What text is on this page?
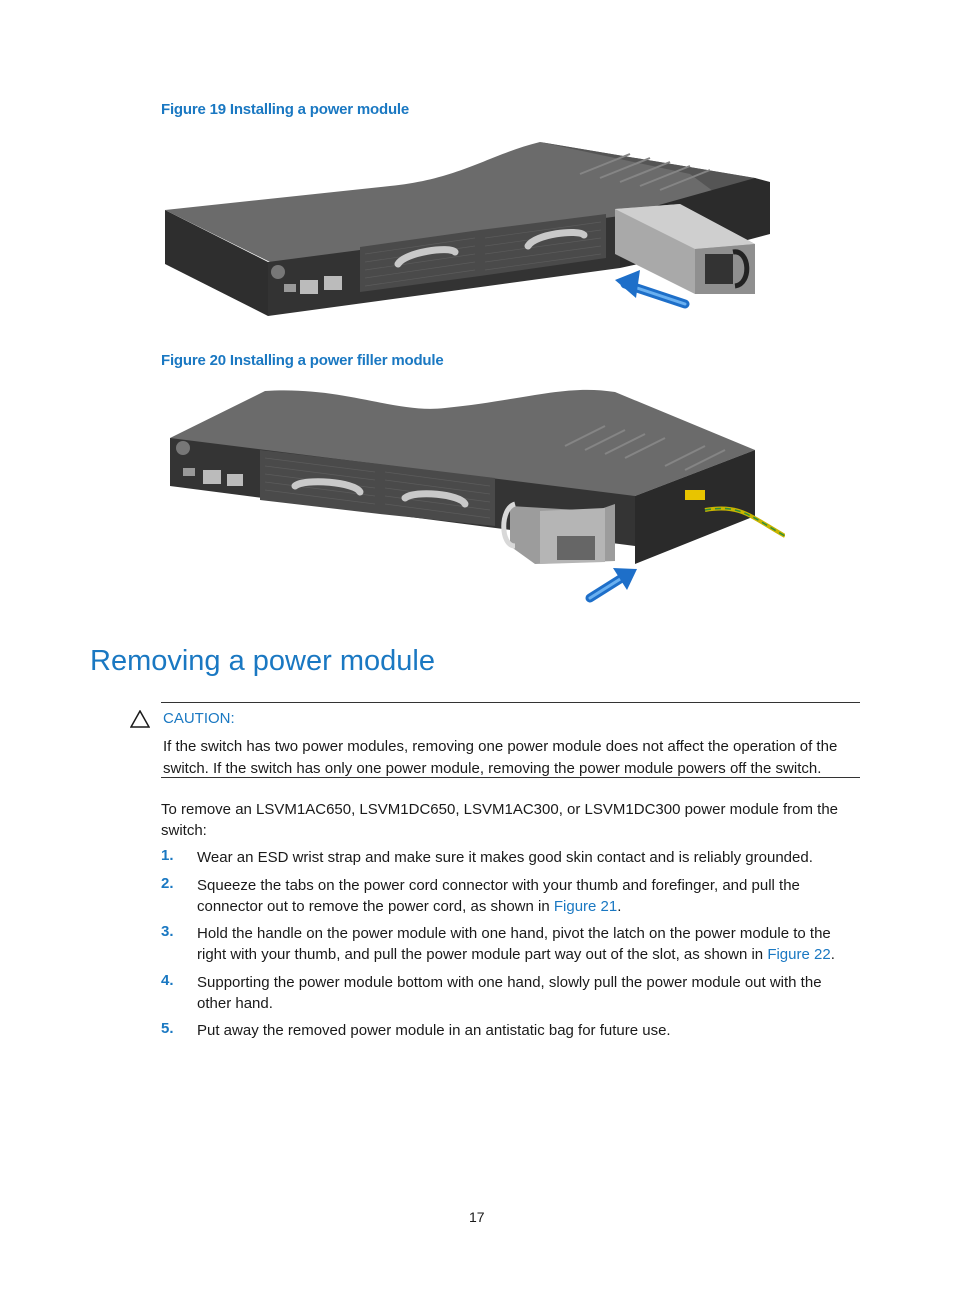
Figure 19 Installing a power module
Figure 20 Installing a power filler module
Removing a power module
CAUTION:
If the switch has two power modules, removing one power module does not affect the operation of the
switch. If the switch has only one power module, removing the power module powers off the switch.
To remove an LSVM1AC650, LSVM1DC650, LSVM1AC300, or LSVM1DC300 power module from the
switch:
1. Wear an ESD wrist strap and make sure it makes good skin contact and is reliably grounded.
2. Squeeze the tabs on the power cord connector with your thumb and forefinger, and pull the
connector out to remove the power cord, as shown in Figure 21.
3. Hold the handle on the power module with one hand, pivot the latch on the power module to the
right with your thumb, and pull the power module part way out of the slot, as shown in Figure 22.
4. Supporting the power module bottom with one hand, slowly pull the power module out with the
other hand.
5. Put away the removed power module in an antistatic bag for future use.
17
